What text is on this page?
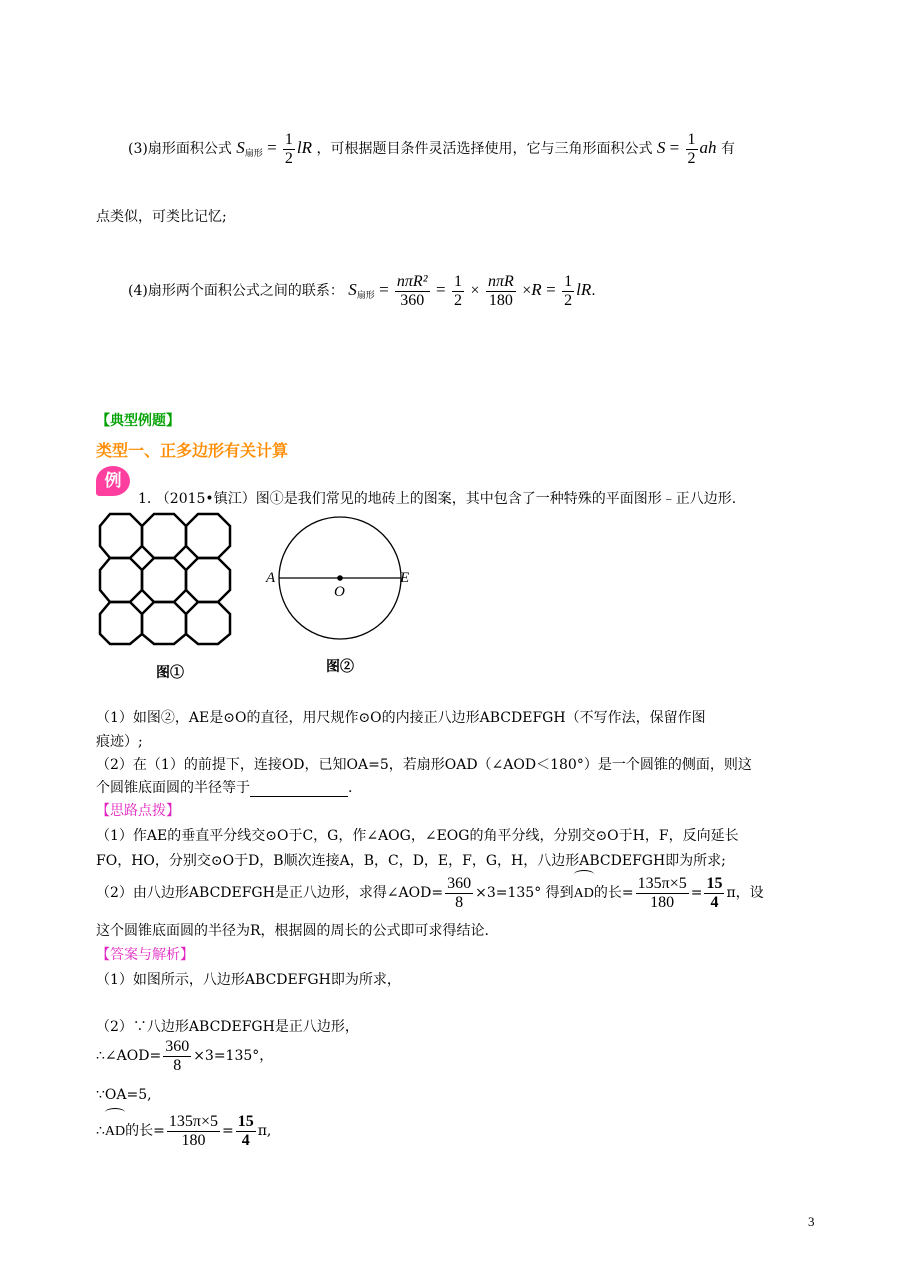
(3)扇形面积公式 $S_{扇形} = \frac{1}{2}$ lR ，可根据题目条件灵活选择使用，它与三角形面积公式 $S = \frac{1}{2}$ ah 有
点类似，可类比记忆;
(4)扇形两个面积公式之间的联系： $S_{扇形} = \frac{\text{nπR²}}{360} = \frac{1}{2} \times \frac{\text{nπR}}{180} \times R = \frac{1}{2}$ lR.
【典型例题】
类型一、正多边形有关计算
例
1. （2015•镇江）图①是我们常见的地砖上的图案，其中包含了一种特殊的平面图形﹣正八边形.
图①
A	E
O
图②
（1）如图②，AE是⊙O的直径，用尺规作⊙O的内接正八边形ABCDEFGH（不写作法，保留作图
痕迹）;
（2）在（1）的前提下，连接OD，已知OA=5，若扇形OAD（∠AOD＜180°）是一个圆锥的侧面，则这
个圆锥底面圆的半径等于	.
【思路点拨】
（1）作AE的垂直平分线交⊙O于C，G，作∠AOG，∠EOG的角平分线，分别交⊙O于H，F，反向延长
FO，HO，分别交⊙O于D，B顺次连接A，B，C，D，E，F，G，H，八边形ABCDEFGH即为所求;
（2）由八边形ABCDEFGH是正八边形，求得∠AOD= $\frac{360}{8} \times 3=135^\circ$ 得到AD的长= $\frac{135\pi\times 5}{180} = \frac{15}{4}$ π，设
这个圆锥底面圆的半径为R，根据圆的周长的公式即可求得结论.
【答案与解析】
（1）如图所示，八边形ABCDEFGH即为所求，
（2）∵八边形ABCDEFGH是正八边形，
∴∠AOD= $\frac{360}{8} \times 3=135^\circ$，
∵OA=5,
∴AD的长= $\frac{135\pi\times 5}{180} = \frac{15}{4} \pi$,
3
